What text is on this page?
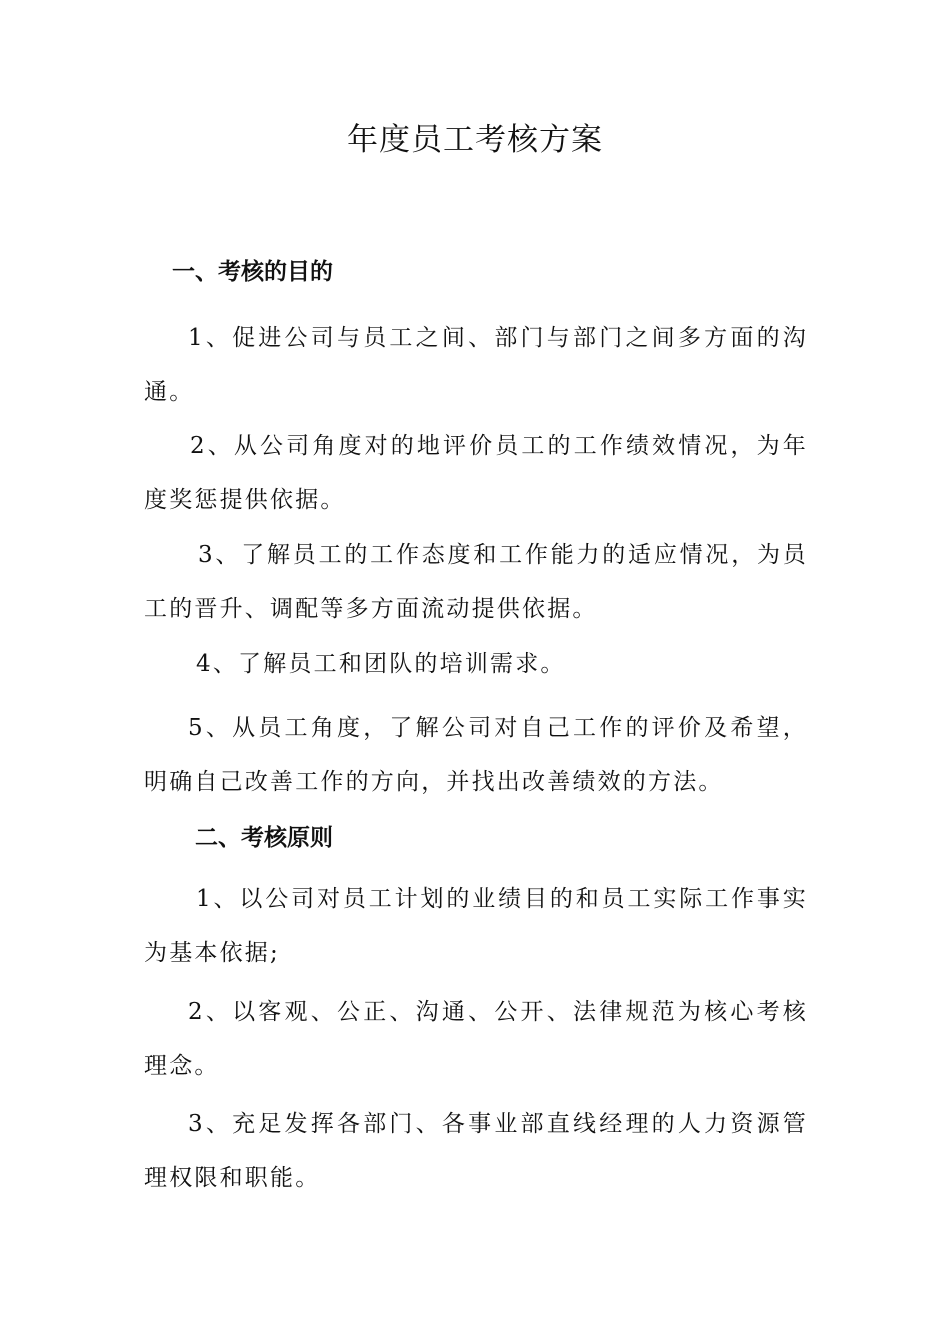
年度员工考核方案
一、考核的目的

1、促进公司与员工之间、部门与部门之间多方面的沟通。

2、从公司角度对的地评价员工的工作绩效情况，为年度奖惩提供依据。

3、了解员工的工作态度和工作能力的适应情况，为员工的晋升、调配等多方面流动提供依据。

4、了解员工和团队的培训需求。

5、从员工角度，了解公司对自己工作的评价及希望，明确自己改善工作的方向，并找出改善绩效的方法。

二、考核原则

1、以公司对员工计划的业绩目的和员工实际工作事实为基本依据;

2、以客观、公正、沟通、公开、法律规范为核心考核理念。

3、充足发挥各部门、各事业部直线经理的人力资源管理权限和职能。
